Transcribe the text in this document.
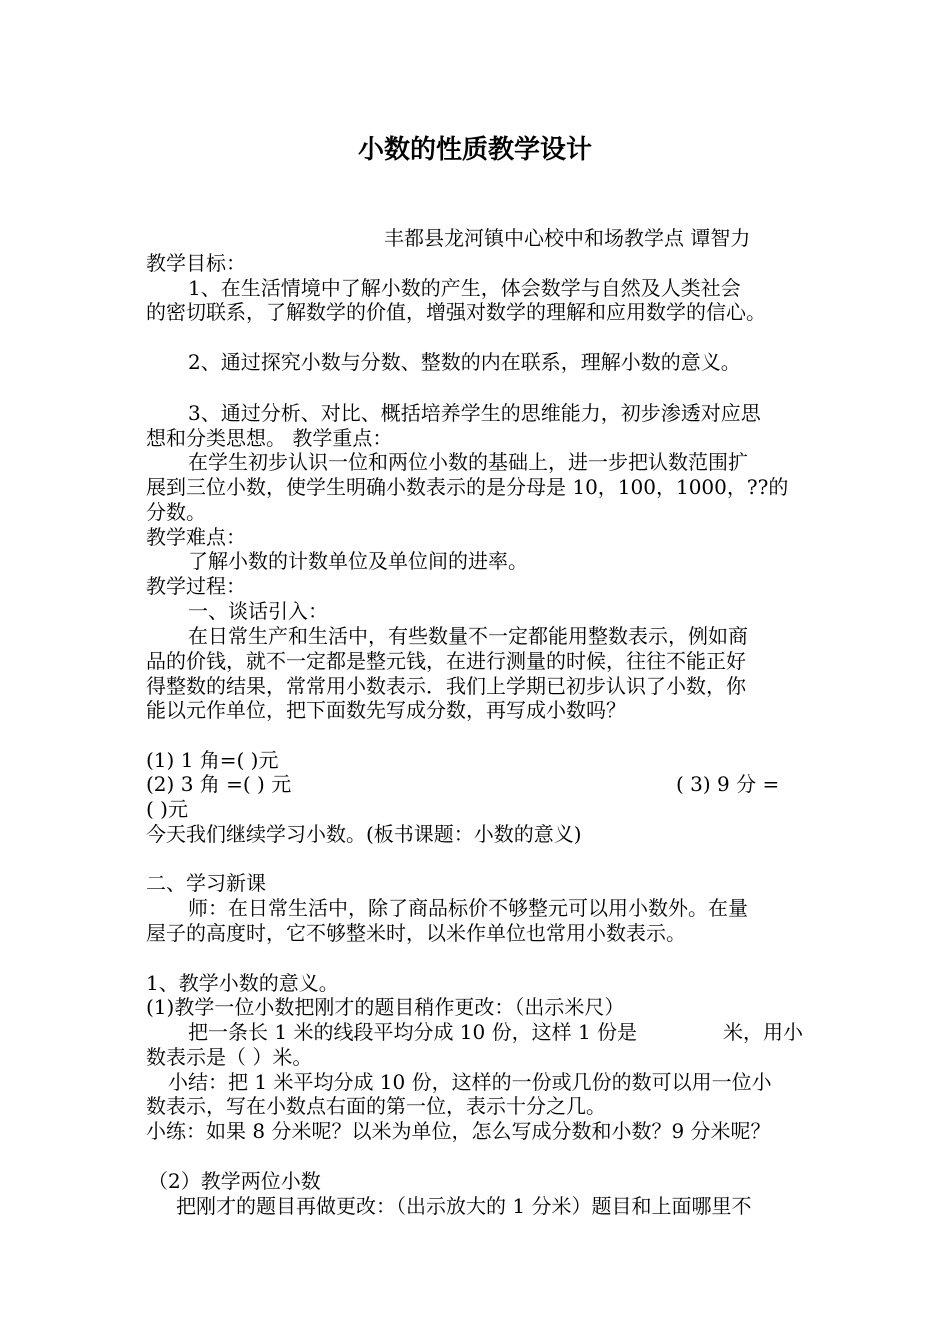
小数的性质教学设计
丰都县龙河镇中心校中和场教学点 谭智力
教学目标：
1、在生活情境中了解小数的产生，体会数学与自然及人类社会
的密切联系，了解数学的价值，增强对数学的理解和应用数学的信心。
2、通过探究小数与分数、整数的内在联系，理解小数的意义。
3、通过分析、对比、概括培养学生的思维能力，初步渗透对应思
想和分类思想。 教学重点：
在学生初步认识一位和两位小数的基础上，进一步把认数范围扩
展到三位小数，使学生明确小数表示的是分母是 10，100，1000，??的
分数。
教学难点：
了解小数的计数单位及单位间的进率。
教学过程：
一、谈话引入：
在日常生产和生活中，有些数量不一定都能用整数表示，例如商
品的价钱，就不一定都是整元钱，在进行测量的时候，往往不能正好
得整数的结果，常常用小数表示．我们上学期已初步认识了小数，你
能以元作单位，把下面数先写成分数，再写成小数吗？
(1) 1 角=( )元
(2) 3 角 =( ) 元	( 3) 9 分 =
( )元
今天我们继续学习小数。(板书课题：小数的意义)
二、学习新课
师：在日常生活中，除了商品标价不够整元可以用小数外。在量
屋子的高度时，它不够整米时，以米作单位也常用小数表示。
1、教学小数的意义。
(1)教学一位小数把刚才的题目稍作更改：（出示米尺）
把一条长 1 米的线段平均分成 10 份，这样 1 份是	米，用小
数表示是（ ）米。
小结：把 1 米平均分成 10 份，这样的一份或几份的数可以用一位小
数表示，写在小数点右面的第一位，表示十分之几。
小练：如果 8 分米呢？以米为单位，怎么写成分数和小数？9 分米呢？
（2）教学两位小数
把刚才的题目再做更改：（出示放大的 1 分米）题目和上面哪里不
